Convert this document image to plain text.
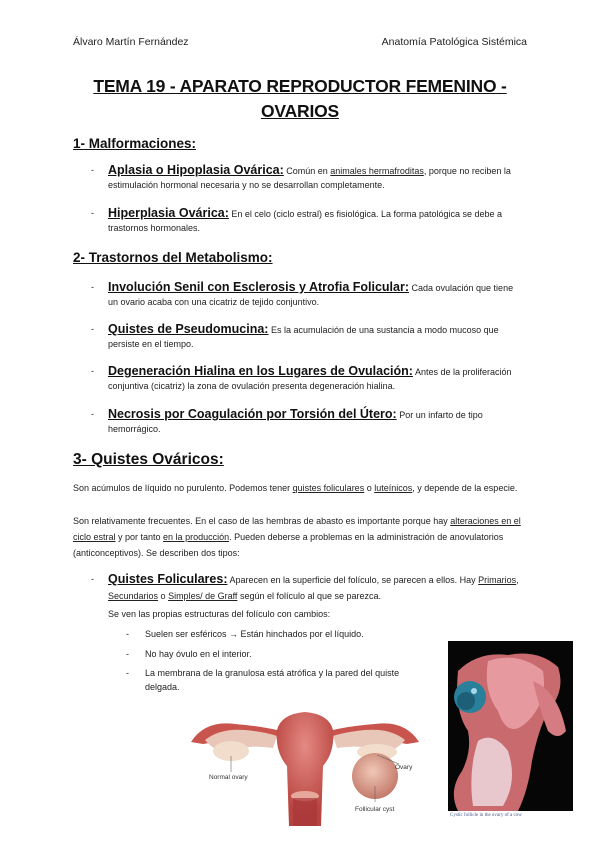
Álvaro Martín Fernández	Anatomía Patológica Sistémica
TEMA 19 - APARATO REPRODUCTOR FEMENINO -
OVARIOS
1- Malformaciones:
- Aplasia o Hipoplasia Ovárica: Común en animales hermafroditas, porque no reciben la estimulación hormonal necesaria y no se desarrollan completamente.
- Hiperplasia Ovárica: En el celo (ciclo estral) es fisiológica. La forma patológica se debe a trastornos hormonales.
2- Trastornos del Metabolismo:
- Involución Senil con Esclerosis y Atrofia Folicular: Cada ovulación que tiene un ovario acaba con una cicatriz de tejido conjuntivo.
- Quistes de Pseudomucina: Es la acumulación de una sustancia a modo mucoso que persiste en el tiempo.
- Degeneración Hialina en los Lugares de Ovulación: Antes de la proliferación conjuntiva (cicatriz) la zona de ovulación presenta degeneración hialina.
- Necrosis por Coagulación por Torsión del Útero: Por un infarto de tipo hemorrágico.
3- Quistes Ováricos:
Son acúmulos de líquido no purulento. Podemos tener quistes foliculares o luteínicos, y depende de la especie.
Son relativamente frecuentes. En el caso de las hembras de abasto es importante porque hay alteraciones en el ciclo estral y por tanto en la producción. Pueden deberse a problemas en la administración de anovulatorios (anticonceptivos). Se describen dos tipos:
- Quistes Foliculares: Aparecen en la superficie del folículo, se parecen a ellos. Hay Primarios, Secundarios o Simples/ de Graff según el folículo al que se parezca.
Se ven las propias estructuras del folículo con cambios:
- Suelen ser esféricos → Están hinchados por el líquido.
- No hay óvulo en el interior.
- La membrana de la granulosa está atrófica y la pared del quiste delgada.
Normal ovary
Ovary
Follicular cyst
Cystic follicle in the ovary of a cow
